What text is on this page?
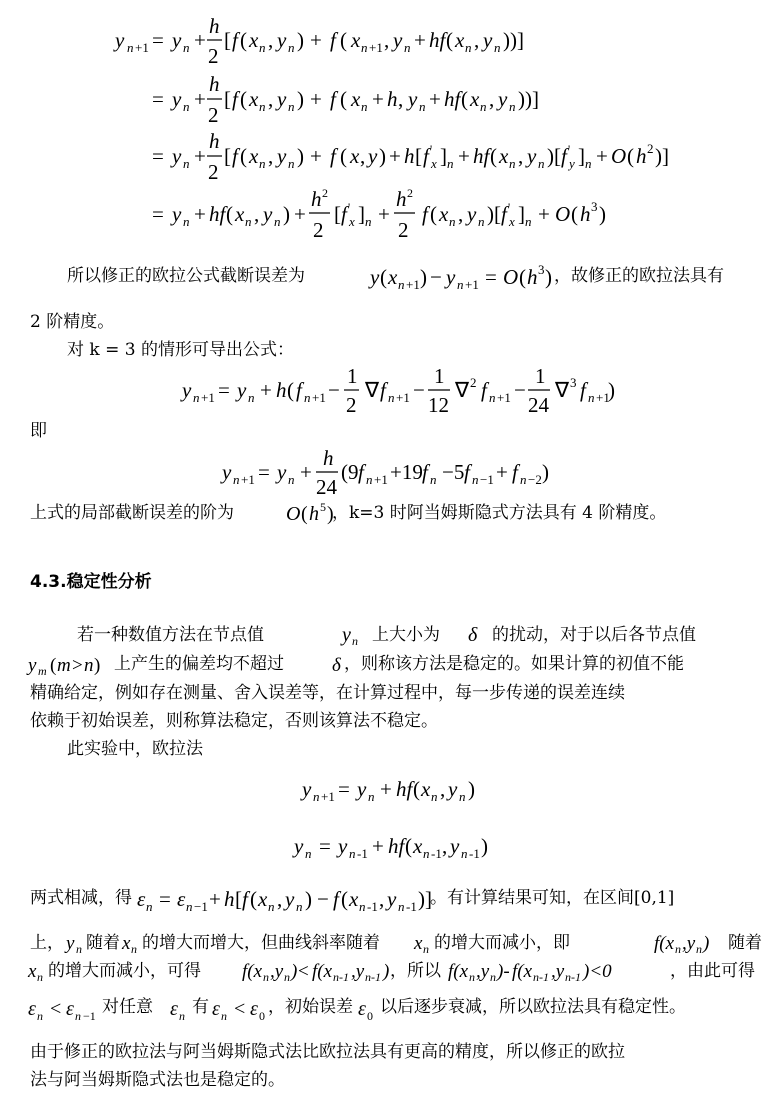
y n +1 = y n +
h
2
[ f ( x n , y n ) + f ( x n +1 , y n + hf ( x n , y n ))]
= y n +
h
2
[ f ( x n , y n ) + f ( x n + h , y n + hf ( x n , y n ))]
= y n +
h
2
[ f ( x n , y n ) + f ( x , y ) + h [ f '
x ] n + hf ( x n , y n )[ f '
y ] n + O ( h 2 )]
= y n + hf ( x n , y n ) +
h 2
2
[ f '
x ] n +
h 2
2
f ( x n , y n )[ f '
x ] n + O ( h 3 )
所以修正的欧拉公式截断误差为	y ( x n +1 ) − y n +1 = O ( h 3 ) ，故修正的欧拉法具有
2 阶精度。
对 k = 3 的情形可导出公式：
y n +1 = y n + h ( f n +1 −
1
2
∇ f n +1 −
1
12
∇ 2 f n +1 −
1
24
∇ 3 f n +1
)
即
y n +1 = y n +
h
24
(9 f n +1 +19 f n −5 f n −1 + f n −2 )
上式的局部截断误差的阶为	O ( h 5 )
，k=3 时阿当姆斯隐式方法具有 4 阶精度。
4.3.稳定性分析
若一种数值方法在节点值	y n 上大小为 δ 的扰动，对于以后各节点值
y m ( m > n ) 上产生的偏差均不超过	δ ，则称该方法是稳定的。如果计算的初值不能
精确给定，例如存在测量、舍入误差等，在计算过程中，每一步传递的误差连续
依赖于初始误差，则称算法稳定，否则该算法不稳定。
此实验中，欧拉法
y n +1 = y n + hf ( x n , y n )
y n = y n -1 + hf ( x n -1 , y n -1 )
两式相减，得 ε n = ε n −1 + h [ f ( x n , y n ) − f ( x n -1 , y n -1 )]
。有计算结果可知，在区间[0,1]
上， y n 随着 x n 的增大而增大，但曲线斜率随着 x n 的增大而减小，即	f(x n ,y n ) 随着
x n 的增大而减小，可得 f(x n ,y n ) < f(x n-1 ,y n-1 ) ，所以 f(x n ,y n )- f(x n-1 ,y n-1 )<0	，由此可得
ε n < ε n −1 对任意 ε n 有 ε n < ε 0 ，初始误差 ε 0 以后逐步衰减，所以欧拉法具有稳定性。
由于修正的欧拉法与阿当姆斯隐式法比欧拉法具有更高的精度，所以修正的欧拉
法与阿当姆斯隐式法也是稳定的。
